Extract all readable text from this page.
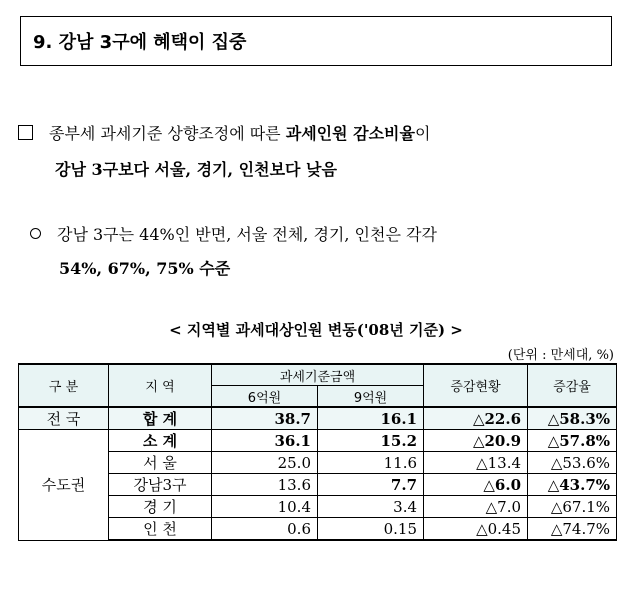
9. 강남 3구에 혜택이 집중
종부세 과세기준 상향조정에 따른 과세인원 감소비율이
강남 3구보다 서울, 경기, 인천보다 낮음
강남 3구는 44%인 반면, 서울 전체, 경기, 인천은 각각
54%, 67%, 75% 수준
< 지역별 과세대상인원 변동('08년 기준) >
(단위 : 만세대, %)
구 분	지 역	과세기준금액		증감현황	증감율
		6억원	9억원		
전 국	합 계	38.7	16.1	△22.6	△58.3%
수도권	소 계	36.1	15.2	△20.9	△57.8%
	서 울	25.0	11.6	△13.4	△53.6%
	강남3구	13.6	7.7	△6.0	△43.7%
	경 기	10.4	3.4	△7.0	△67.1%
	인 천	0.6	0.15	△0.45	△74.7%
